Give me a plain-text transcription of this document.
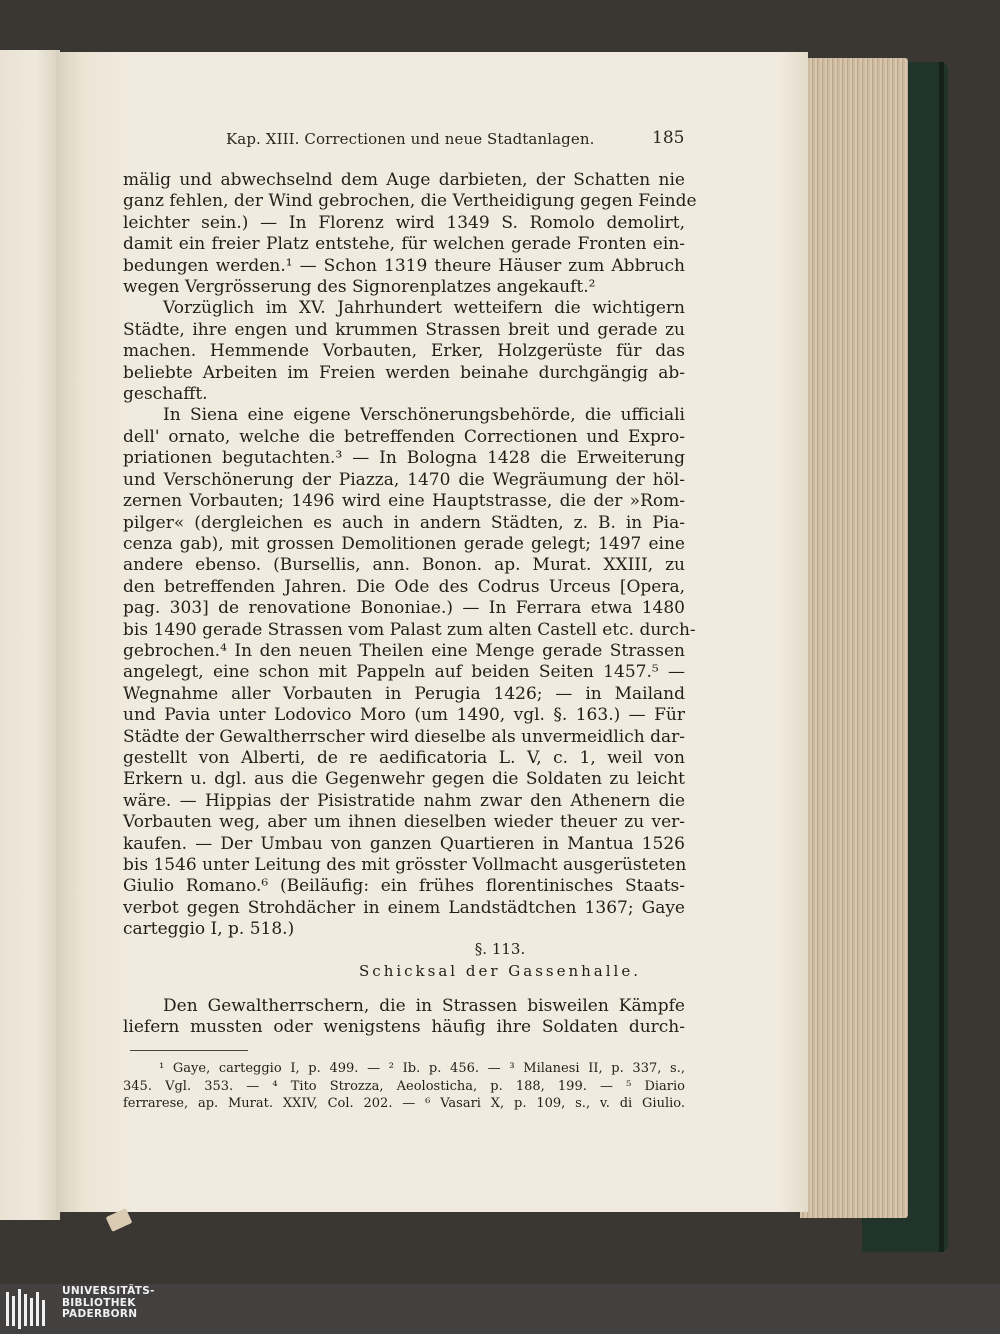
Kap. XIII. Correctionen und neue Stadtanlagen.	185
mälig und abwechselnd dem Auge darbieten, der Schatten nie
ganz fehlen, der Wind gebrochen, die Vertheidigung gegen Feinde
leichter sein.) — In Florenz wird 1349 S. Romolo demolirt,
damit ein freier Platz entstehe, für welchen gerade Fronten ein-
bedungen werden.¹ — Schon 1319 theure Häuser zum Abbruch
wegen Vergrösserung des Signorenplatzes angekauft.²
Vorzüglich im XV. Jahrhundert wetteifern die wichtigern
Städte, ihre engen und krummen Strassen breit und gerade zu
machen. Hemmende Vorbauten, Erker, Holzgerüste für das
beliebte Arbeiten im Freien werden beinahe durchgängig ab-
geschafft.
In Siena eine eigene Verschönerungsbehörde, die ufficiali
dell' ornato, welche die betreffenden Correctionen und Expro-
priationen begutachten.³ — In Bologna 1428 die Erweiterung
und Verschönerung der Piazza, 1470 die Wegräumung der höl-
zernen Vorbauten; 1496 wird eine Hauptstrasse, die der »Rom-
pilger« (dergleichen es auch in andern Städten, z. B. in Pia-
cenza gab), mit grossen Demolitionen gerade gelegt; 1497 eine
andere ebenso. (Bursellis, ann. Bonon. ap. Murat. XXIII, zu
den betreffenden Jahren. Die Ode des Codrus Urceus [Opera,
pag. 303] de renovatione Bononiae.) — In Ferrara etwa 1480
bis 1490 gerade Strassen vom Palast zum alten Castell etc. durch-
gebrochen.⁴ In den neuen Theilen eine Menge gerade Strassen
angelegt, eine schon mit Pappeln auf beiden Seiten 1457.⁵ —
Wegnahme aller Vorbauten in Perugia 1426; — in Mailand
und Pavia unter Lodovico Moro (um 1490, vgl. §. 163.) — Für
Städte der Gewaltherrscher wird dieselbe als unvermeidlich dar-
gestellt von Alberti, de re aedificatoria L. V, c. 1, weil von
Erkern u. dgl. aus die Gegenwehr gegen die Soldaten zu leicht
wäre. — Hippias der Pisistratide nahm zwar den Athenern die
Vorbauten weg, aber um ihnen dieselben wieder theuer zu ver-
kaufen. — Der Umbau von ganzen Quartieren in Mantua 1526
bis 1546 unter Leitung des mit grösster Vollmacht ausgerüsteten
Giulio Romano.⁶ (Beiläufig: ein frühes florentinisches Staats-
verbot gegen Strohdächer in einem Landstädtchen 1367; Gaye
carteggio I, p. 518.)
§. 113.
Schicksal der Gassenhalle.
Den Gewaltherrschern, die in Strassen bisweilen Kämpfe
liefern mussten oder wenigstens häufig ihre Soldaten durch-
¹ Gaye, carteggio I, p. 499. — ² Ib. p. 456. — ³ Milanesi II, p. 337, s.,
345. Vgl. 353. — ⁴ Tito Strozza, Aeolosticha, p. 188, 199. — ⁵ Diario
ferrarese, ap. Murat. XXIV, Col. 202. — ⁶ Vasari X, p. 109, s., v. di Giulio.
UNIVERSITÄTS-
BIBLIOTHEK
PADERBORN
